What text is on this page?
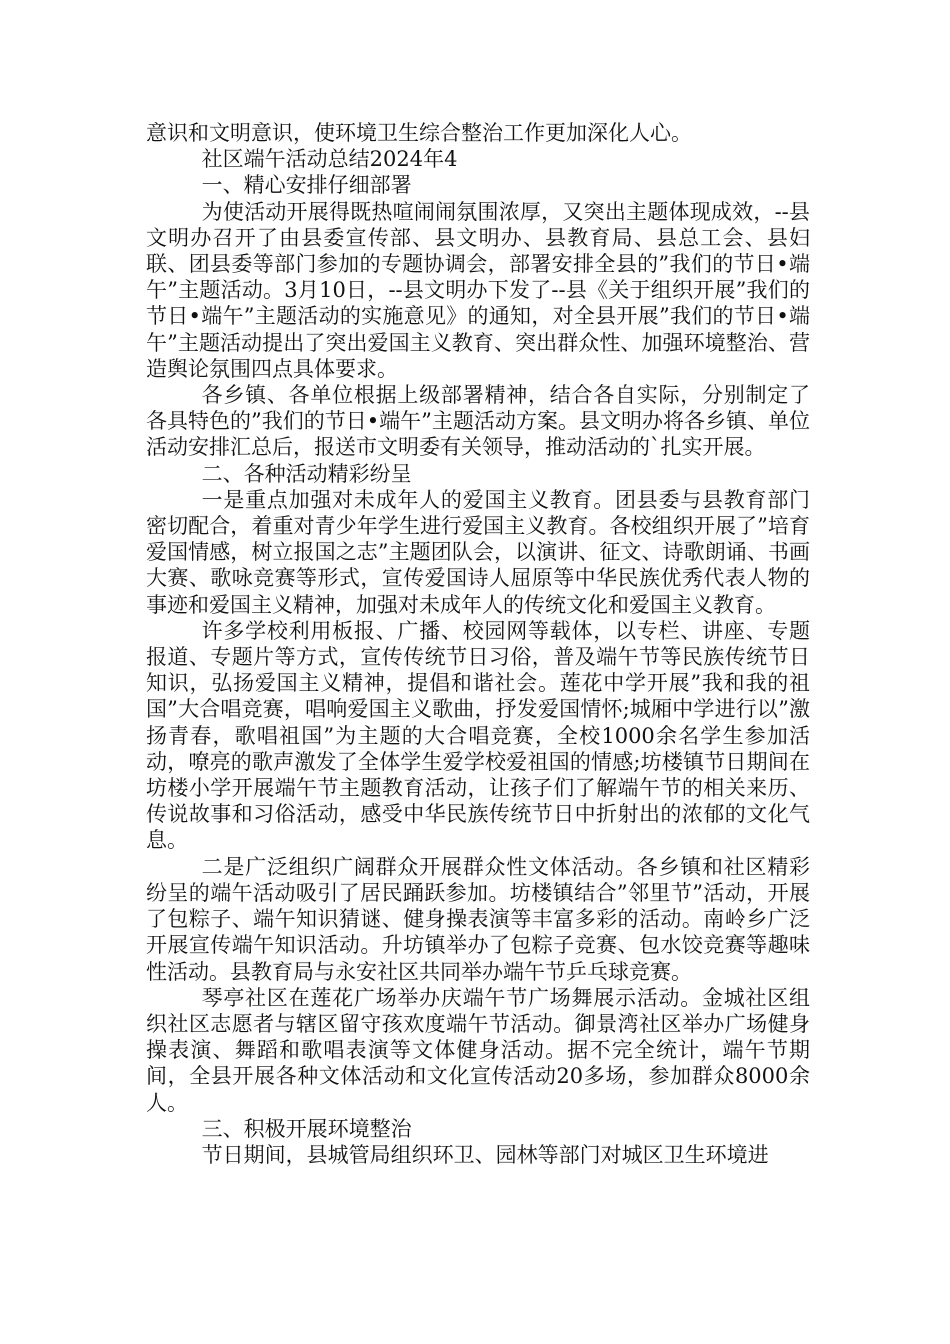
意识和文明意识，使环境卫生综合整治工作更加深化人心。

社区端午活动总结2024年4

一、精心安排仔细部署

为使活动开展得既热喧闹闹氛围浓厚，又突出主题体现成效，--县文明办召开了由县委宣传部、县文明办、县教育局、县总工会、县妇联、团县委等部门参加的专题协调会，部署安排全县的”我们的节日•端午”主题活动。3月10日，--县文明办下发了--县《关于组织开展”我们的节日•端午”主题活动的实施意见》的通知，对全县开展”我们的节日•端午”主题活动提出了突出爱国主义教育、突出群众性、加强环境整治、营造舆论氛围四点具体要求。

各乡镇、各单位根据上级部署精神，结合各自实际，分别制定了各具特色的”我们的节日•端午”主题活动方案。县文明办将各乡镇、单位活动安排汇总后，报送市文明委有关领导，推动活动的`扎实开展。

二、各种活动精彩纷呈

一是重点加强对未成年人的爱国主义教育。团县委与县教育部门密切配合，着重对青少年学生进行爱国主义教育。各校组织开展了”培育爱国情感，树立报国之志”主题团队会，以演讲、征文、诗歌朗诵、书画大赛、歌咏竞赛等形式，宣传爱国诗人屈原等中华民族优秀代表人物的事迹和爱国主义精神，加强对未成年人的传统文化和爱国主义教育。

许多学校利用板报、广播、校园网等载体，以专栏、讲座、专题报道、专题片等方式，宣传传统节日习俗，普及端午节等民族传统节日知识，弘扬爱国主义精神，提倡和谐社会。莲花中学开展”我和我的祖国”大合唱竞赛，唱响爱国主义歌曲，抒发爱国情怀;城厢中学进行以”激扬青春，歌唱祖国”为主题的大合唱竞赛，全校1000余名学生参加活动，嘹亮的歌声激发了全体学生爱学校爱祖国的情感;坊楼镇节日期间在坊楼小学开展端午节主题教育活动，让孩子们了解端午节的相关来历、传说故事和习俗活动，感受中华民族传统节日中折射出的浓郁的文化气息。

二是广泛组织广阔群众开展群众性文体活动。各乡镇和社区精彩纷呈的端午活动吸引了居民踊跃参加。坊楼镇结合”邻里节”活动，开展了包粽子、端午知识猜谜、健身操表演等丰富多彩的活动。南岭乡广泛开展宣传端午知识活动。升坊镇举办了包粽子竞赛、包水饺竞赛等趣味性活动。县教育局与永安社区共同举办端午节乒乓球竞赛。

琴亭社区在莲花广场举办庆端午节广场舞展示活动。金城社区组织社区志愿者与辖区留守孩欢度端午节活动。御景湾社区举办广场健身操表演、舞蹈和歌唱表演等文体健身活动。据不完全统计，端午节期间，全县开展各种文体活动和文化宣传活动20多场，参加群众8000余人。

三、积极开展环境整治

节日期间，县城管局组织环卫、园林等部门对城区卫生环境进
